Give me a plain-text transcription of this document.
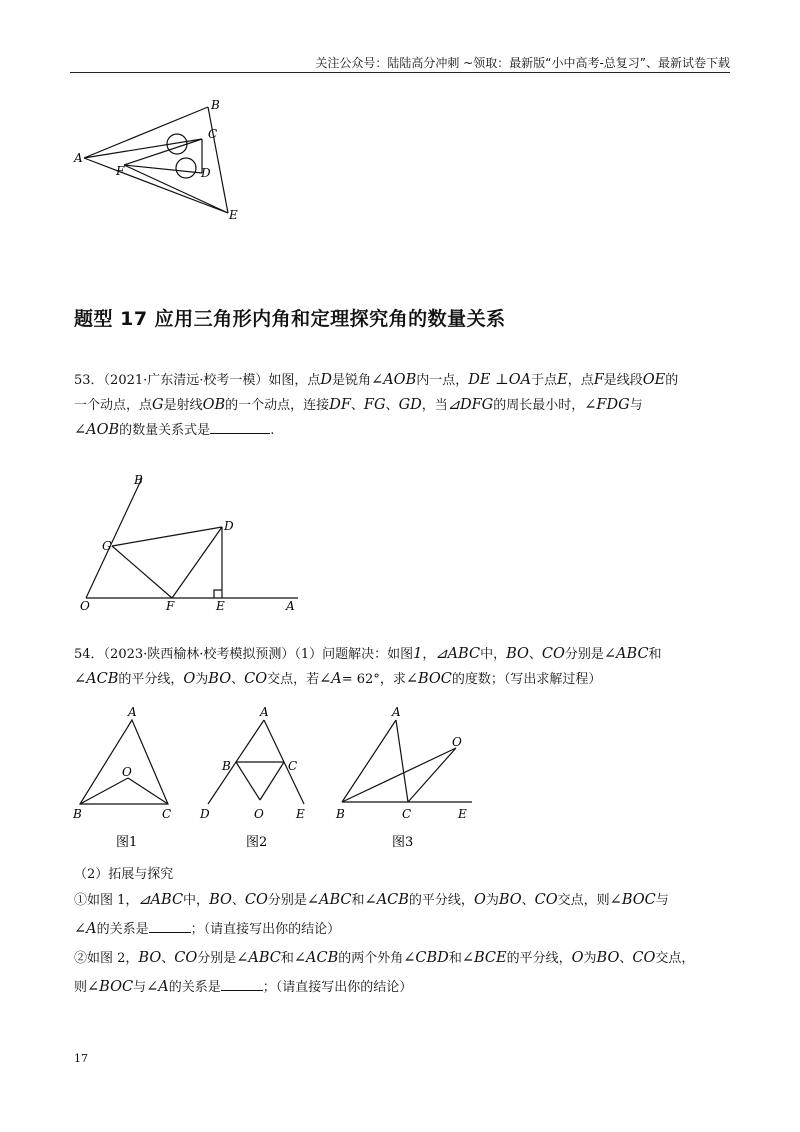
关注公众号：陆陆高分冲刺 ~领取：最新版“小中高考-总复习”、最新试卷下载
A
B
C
D
E
F
题型 17 应用三角形内角和定理探究角的数量关系

53．（2021·广东清远·校考一模）如图，点D是锐角∠AOB内一点，DE ⊥OA于点E，点F是线段OE的

一个动点，点G是射线OB的一个动点，连接DF、FG、GD，当⊿DFG的周长最小时，∠FDG与

∠AOB的数量关系式是	.

B
D
G
O	F	E	A

54．（2023·陕西榆林·校考模拟预测）（1）问题解决：如图1，⊿ABC中，BO、CO分别是∠ABC和

∠ACB的平分线，O为BO、CO交点，若∠A= 62°，求∠BOC的度数；（写出求解过程）

A
O
B	C
图1
A
B	C
D	O	E
图2
A
O
B	C	E
图3

（2）拓展与探究

①如图 1，⊿ABC中，BO、CO分别是∠ABC和∠ACB的平分线，O为BO、CO交点，则∠BOC与

∠A的关系是	；（请直接写出你的结论）

②如图 2，BO、CO分别是∠ABC和∠ACB的两个外角∠CBD和∠BCE的平分线，O为BO、CO交点，

则∠BOC与∠A的关系是	；（请直接写出你的结论）

17
